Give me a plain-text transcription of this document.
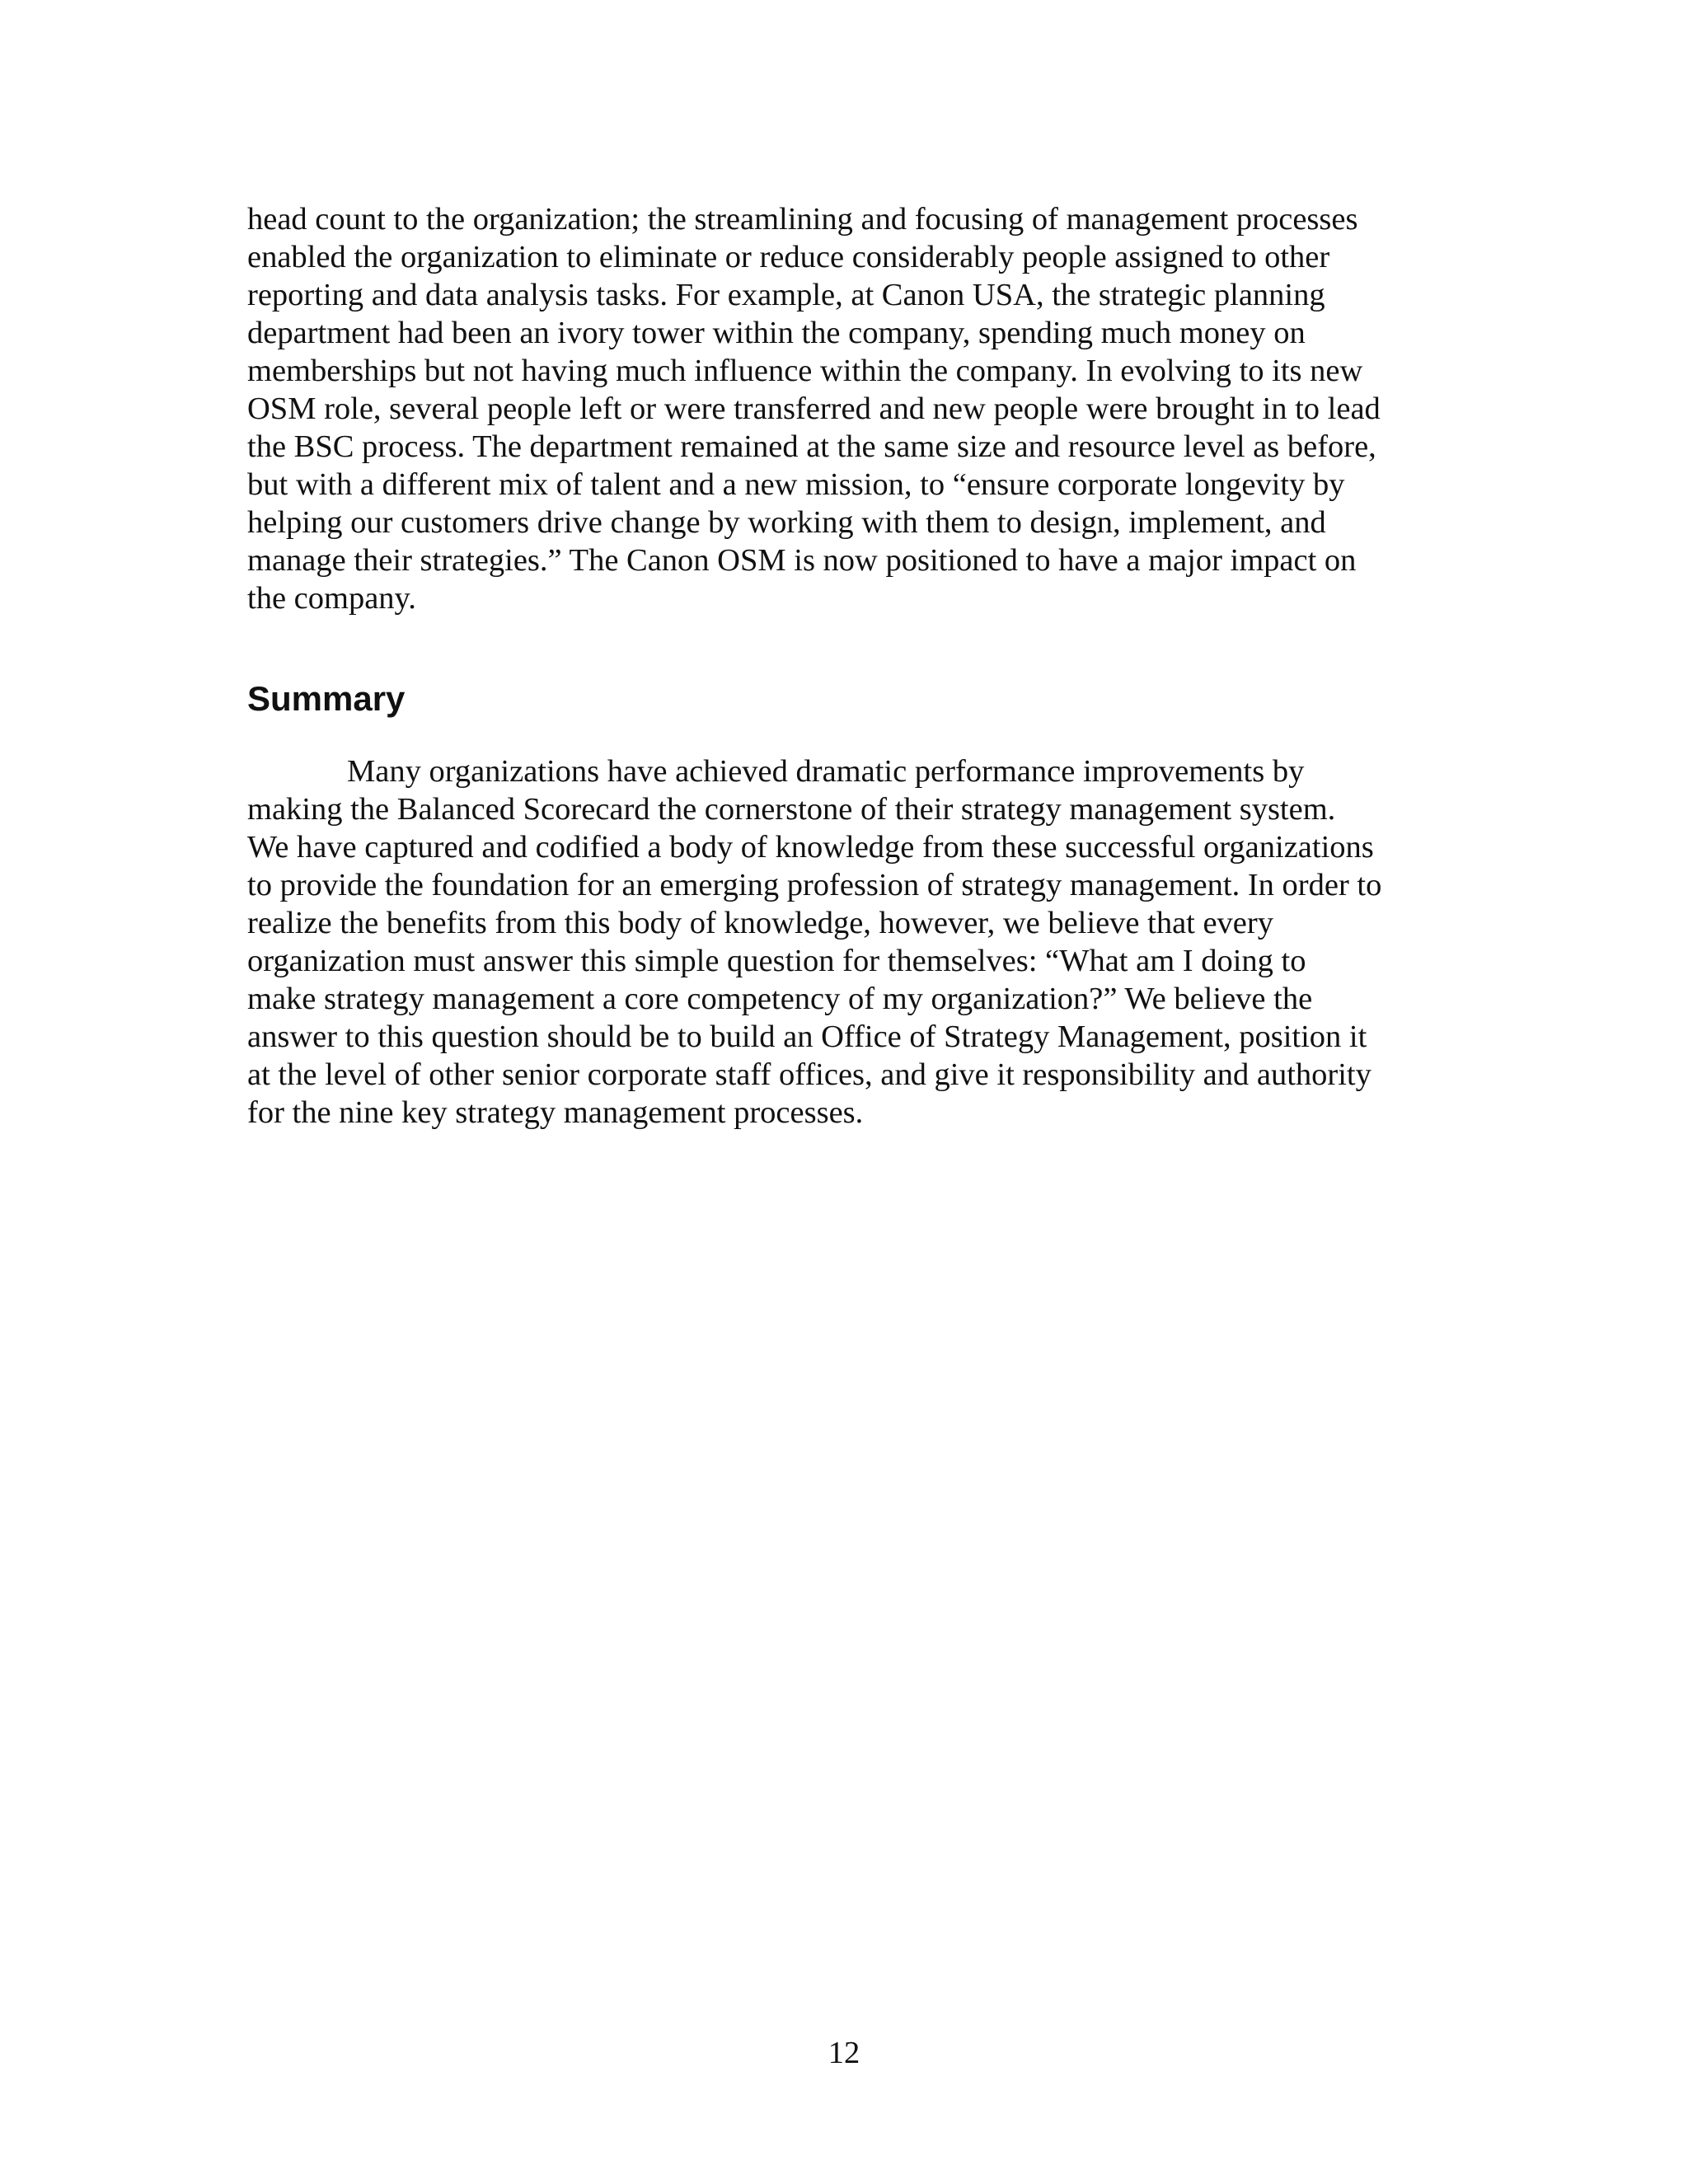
head count to the organization; the streamlining and focusing of management processes
enabled the organization to eliminate or reduce considerably people assigned to other
reporting and data analysis tasks. For example, at Canon USA, the strategic planning
department had been an ivory tower within the company, spending much money on
memberships but not having much influence within the company. In evolving to its new
OSM role, several people left or were transferred and new people were brought in to lead
the BSC process. The department remained at the same size and resource level as before,
but with a different mix of talent and a new mission, to “ensure corporate longevity by
helping our customers drive change by working with them to design, implement, and
manage their strategies.” The Canon OSM is now positioned to have a major impact on
the company.

Summary

Many organizations have achieved dramatic performance improvements by
making the Balanced Scorecard the cornerstone of their strategy management system.
We have captured and codified a body of knowledge from these successful organizations
to provide the foundation for an emerging profession of strategy management. In order to
realize the benefits from this body of knowledge, however, we believe that every
organization must answer this simple question for themselves: “What am I doing to
make strategy management a core competency of my organization?” We believe the
answer to this question should be to build an Office of Strategy Management, position it
at the level of other senior corporate staff offices, and give it responsibility and authority
for the nine key strategy management processes.

12
